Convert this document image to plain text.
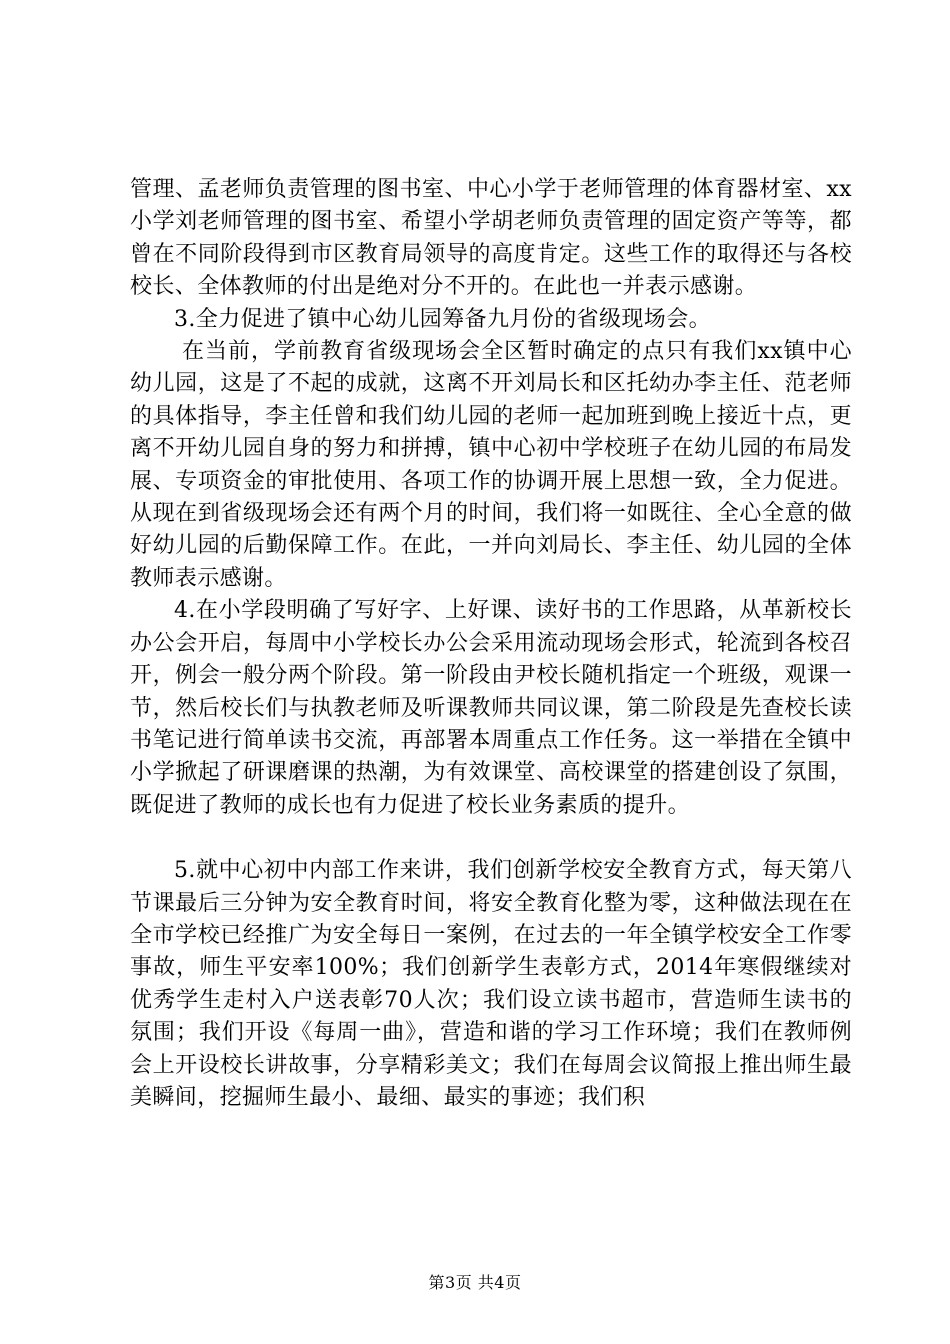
管理、孟老师负责管理的图书室、中心小学于老师管理的体育器材室、xx小学刘老师管理的图书室、希望小学胡老师负责管理的固定资产等等，都曾在不同阶段得到市区教育局领导的高度肯定。这些工作的取得还与各校校长、全体教师的付出是绝对分不开的。在此也一并表示感谢。

3.全力促进了镇中心幼儿园筹备九月份的省级现场会。

在当前，学前教育省级现场会全区暂时确定的点只有我们xx镇中心幼儿园，这是了不起的成就，这离不开刘局长和区托幼办李主任、范老师的具体指导，李主任曾和我们幼儿园的老师一起加班到晚上接近十点，更离不开幼儿园自身的努力和拼搏，镇中心初中学校班子在幼儿园的布局发展、专项资金的审批使用、各项工作的协调开展上思想一致，全力促进。从现在到省级现场会还有两个月的时间，我们将一如既往、全心全意的做好幼儿园的后勤保障工作。在此，一并向刘局长、李主任、幼儿园的全体教师表示感谢。

4.在小学段明确了写好字、上好课、读好书的工作思路，从革新校长办公会开启，每周中小学校长办公会采用流动现场会形式，轮流到各校召开，例会一般分两个阶段。第一阶段由尹校长随机指定一个班级，观课一节，然后校长们与执教老师及听课教师共同议课，第二阶段是先查校长读书笔记进行简单读书交流，再部署本周重点工作任务。这一举措在全镇中小学掀起了研课磨课的热潮，为有效课堂、高校课堂的搭建创设了氛围，既促进了教师的成长也有力促进了校长业务素质的提升。

5.就中心初中内部工作来讲，我们创新学校安全教育方式，每天第八节课最后三分钟为安全教育时间，将安全教育化整为零，这种做法现在在全市学校已经推广为安全每日一案例，在过去的一年全镇学校安全工作零事故，师生平安率100%；我们创新学生表彰方式，2014年寒假继续对优秀学生走村入户送表彰70人次；我们设立读书超市，营造师生读书的氛围；我们开设《每周一曲》，营造和谐的学习工作环境；我们在教师例会上开设校长讲故事，分享精彩美文；我们在每周会议简报上推出师生最美瞬间，挖掘师生最小、最细、最实的事迹；我们积

第3页 共4页
